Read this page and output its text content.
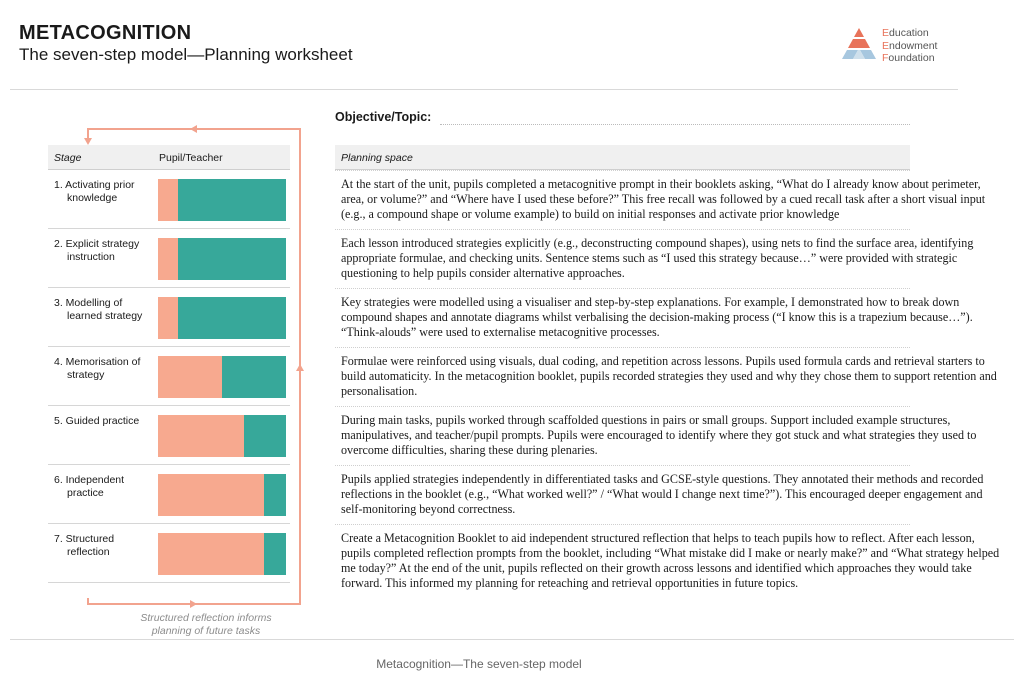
METACOGNITION
The seven-step model—Planning worksheet
Education
Endowment
Foundation
Objective/Topic:
Stage	Pupil/Teacher	Planning space
1. Activating prior knowledge
2. Explicit strategy instruction
3. Modelling of learned strategy
4. Memorisation of strategy
5. Guided practice
6. Independent practice
7. Structured reflection
Structured reflection informs planning of future tasks
At the start of the unit, pupils completed a metacognitive prompt in their booklets asking, “What do I already know about perimeter, area, or volume?” and “Where have I used these before?” This free recall was followed by a cued recall task after a short visual input (e.g., a compound shape or volume example) to build on initial responses and activate prior knowledge
Each lesson introduced strategies explicitly (e.g., deconstructing compound shapes), using nets to find the surface area, identifying appropriate formulae, and checking units. Sentence stems such as “I used this strategy because…” were provided with strategic questioning to help pupils consider alternative approaches.
Key strategies were modelled using a visualiser and step-by-step explanations. For example, I demonstrated how to break down compound shapes and annotate diagrams whilst verbalising the decision-making process (“I know this is a trapezium because…”). “Think-alouds” were used to externalise metacognitive processes.
Formulae were reinforced using visuals, dual coding, and repetition across lessons. Pupils used formula cards and retrieval starters to build automaticity. In the metacognition booklet, pupils recorded strategies they used and why they chose them to support retention and personalisation.
During main tasks, pupils worked through scaffolded questions in pairs or small groups. Support included example structures, manipulatives, and teacher/pupil prompts. Pupils were encouraged to identify where they got stuck and what strategies they used to overcome difficulties, sharing these during plenaries.
Pupils applied strategies independently in differentiated tasks and GCSE-style questions. They annotated their methods and recorded reflections in the booklet (e.g., “What worked well?” / “What would I change next time?”). This encouraged deeper engagement and self-monitoring beyond correctness.
Create a Metacognition Booklet to aid independent structured reflection that helps to teach pupils how to reflect. After each lesson, pupils completed reflection prompts from the booklet, including “What mistake did I make or nearly make?” and “What strategy helped me today?” At the end of the unit, pupils reflected on their growth across lessons and identified which approaches they would take forward. This informed my planning for reteaching and retrieval opportunities in future topics.
Metacognition—The seven-step model
